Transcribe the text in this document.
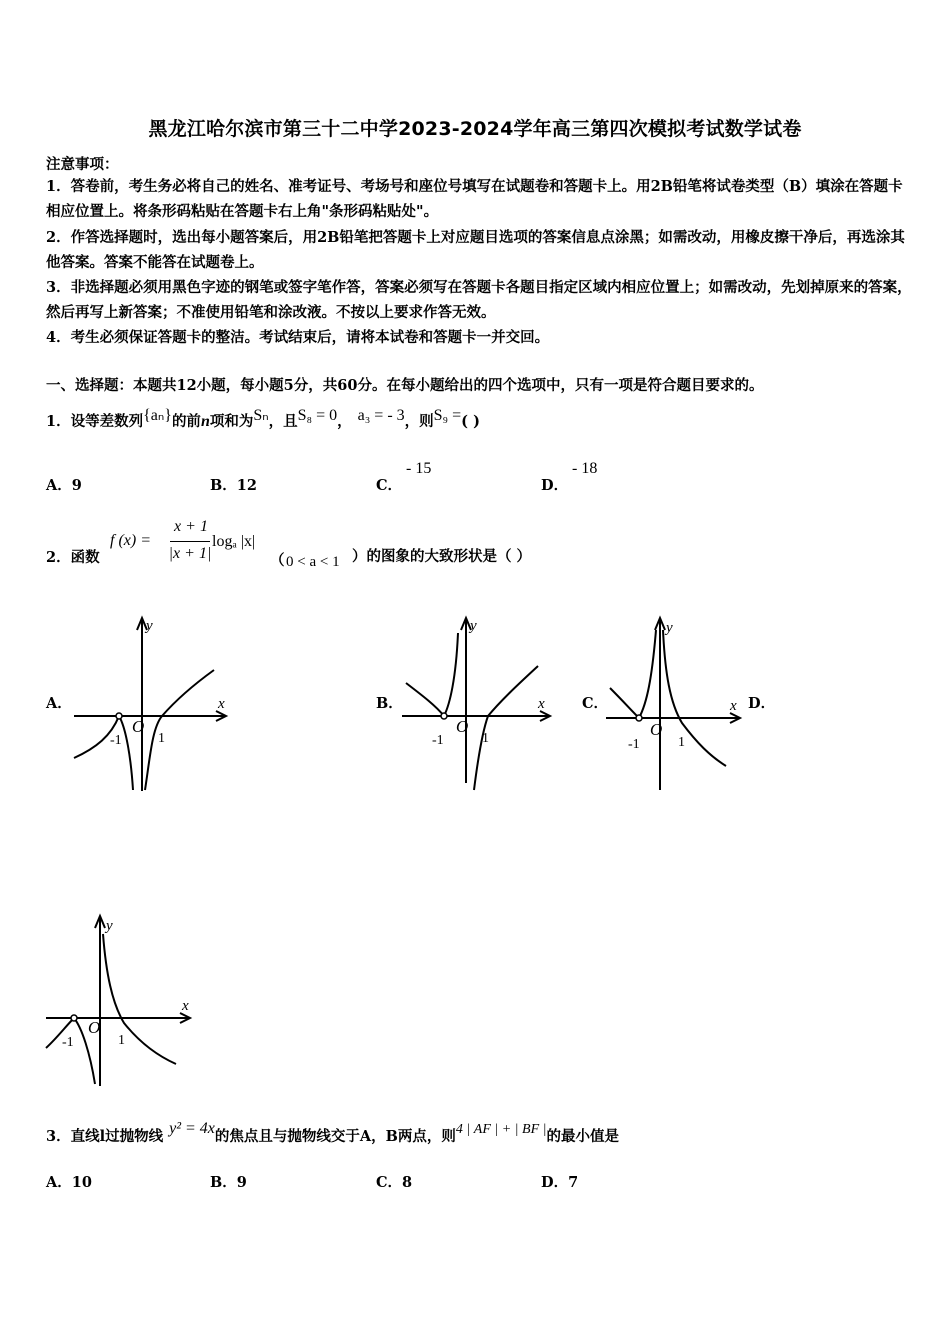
黑龙江哈尔滨市第三十二中学2023-2024学年高三第四次模拟考试数学试卷
注意事项：
1．答卷前，考生务必将自己的姓名、准考证号、考场号和座位号填写在试题卷和答题卡上。用2B铅笔将试卷类型（B）填涂在答题卡相应位置上。将条形码粘贴在答题卡右上角"条形码粘贴处"。
2．作答选择题时，选出每小题答案后，用2B铅笔把答题卡上对应题目选项的答案信息点涂黑；如需改动，用橡皮擦干净后，再选涂其他答案。答案不能答在试题卷上。
3．非选择题必须用黑色字迹的钢笔或签字笔作答，答案必须写在答题卡各题目指定区域内相应位置上；如需改动，先划掉原来的答案，然后再写上新答案；不准使用铅笔和涂改液。不按以上要求作答无效。
4．考生必须保证答题卡的整洁。考试结束后，请将本试卷和答题卡一并交回。
一、选择题：本题共12小题，每小题5分，共60分。在每小题给出的四个选项中，只有一项是符合题目要求的。
1．设等差数列{aₙ}的前n项和为Sₙ，且S₈ = 0， a₃ = - 3，则S₉ =( )
A．9	B．12	C．
- 15
D．
- 18
2．函数
f (x) =
x + 1
|x + 1|
logₐ |x|
（ 0 < a < 1 ）的图象的大致形状是（ ）
A．	B．	C．	D．
y
x
O
-1	1
y
x
O
-1	1
y
x
O
-1	1
y
x
O
-1	1
3．直线l过抛物线 y² = 4x的焦点且与抛物线交于A，B两点，则4 | AF | + | BF |的最小值是
A．10	B．9	C．8	D．7
